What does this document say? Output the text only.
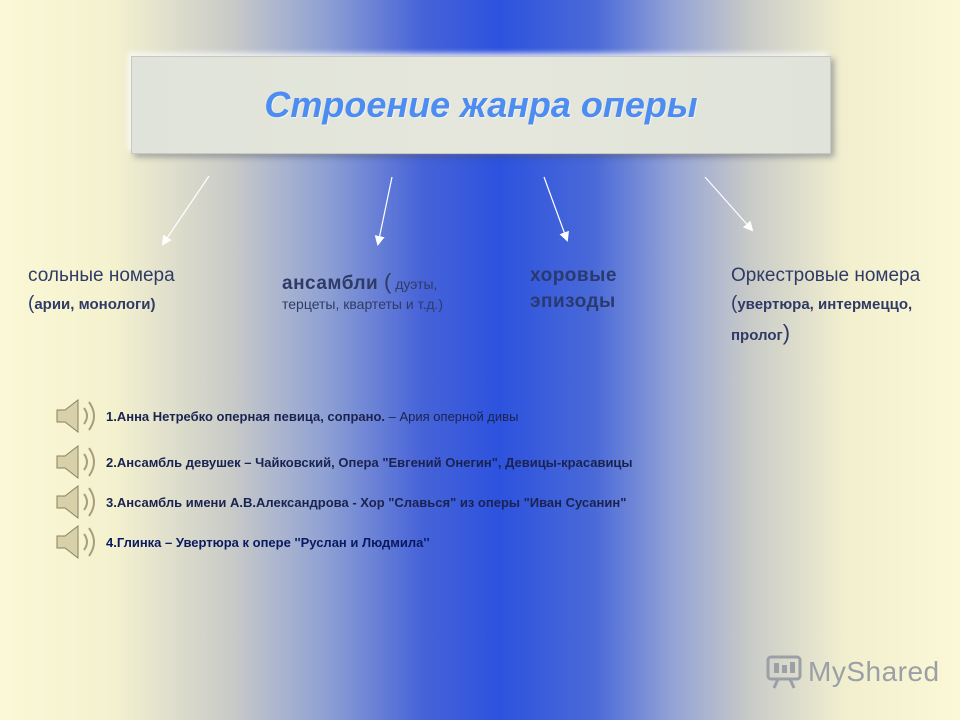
Строение жанра оперы
сольные номера
(арии, монологи)
ансамбли ( дуэты, терцеты, квартеты и т.д.)
хоровые эпизоды
Оркестровые номера (увертюра, интермеццо, пролог)
1.Анна Нетребко оперная певица, сопрано. – Ария оперной дивы
2.Ансамбль девушек – Чайковский, Опера "Евгений Онегин", Девицы-красавицы
3.Ансамбль имени А.В.Александрова - Хор "Славься" из оперы "Иван Сусанин"
4.Глинка – Увертюра к опере ''Руслан и Людмила''
MyShared
